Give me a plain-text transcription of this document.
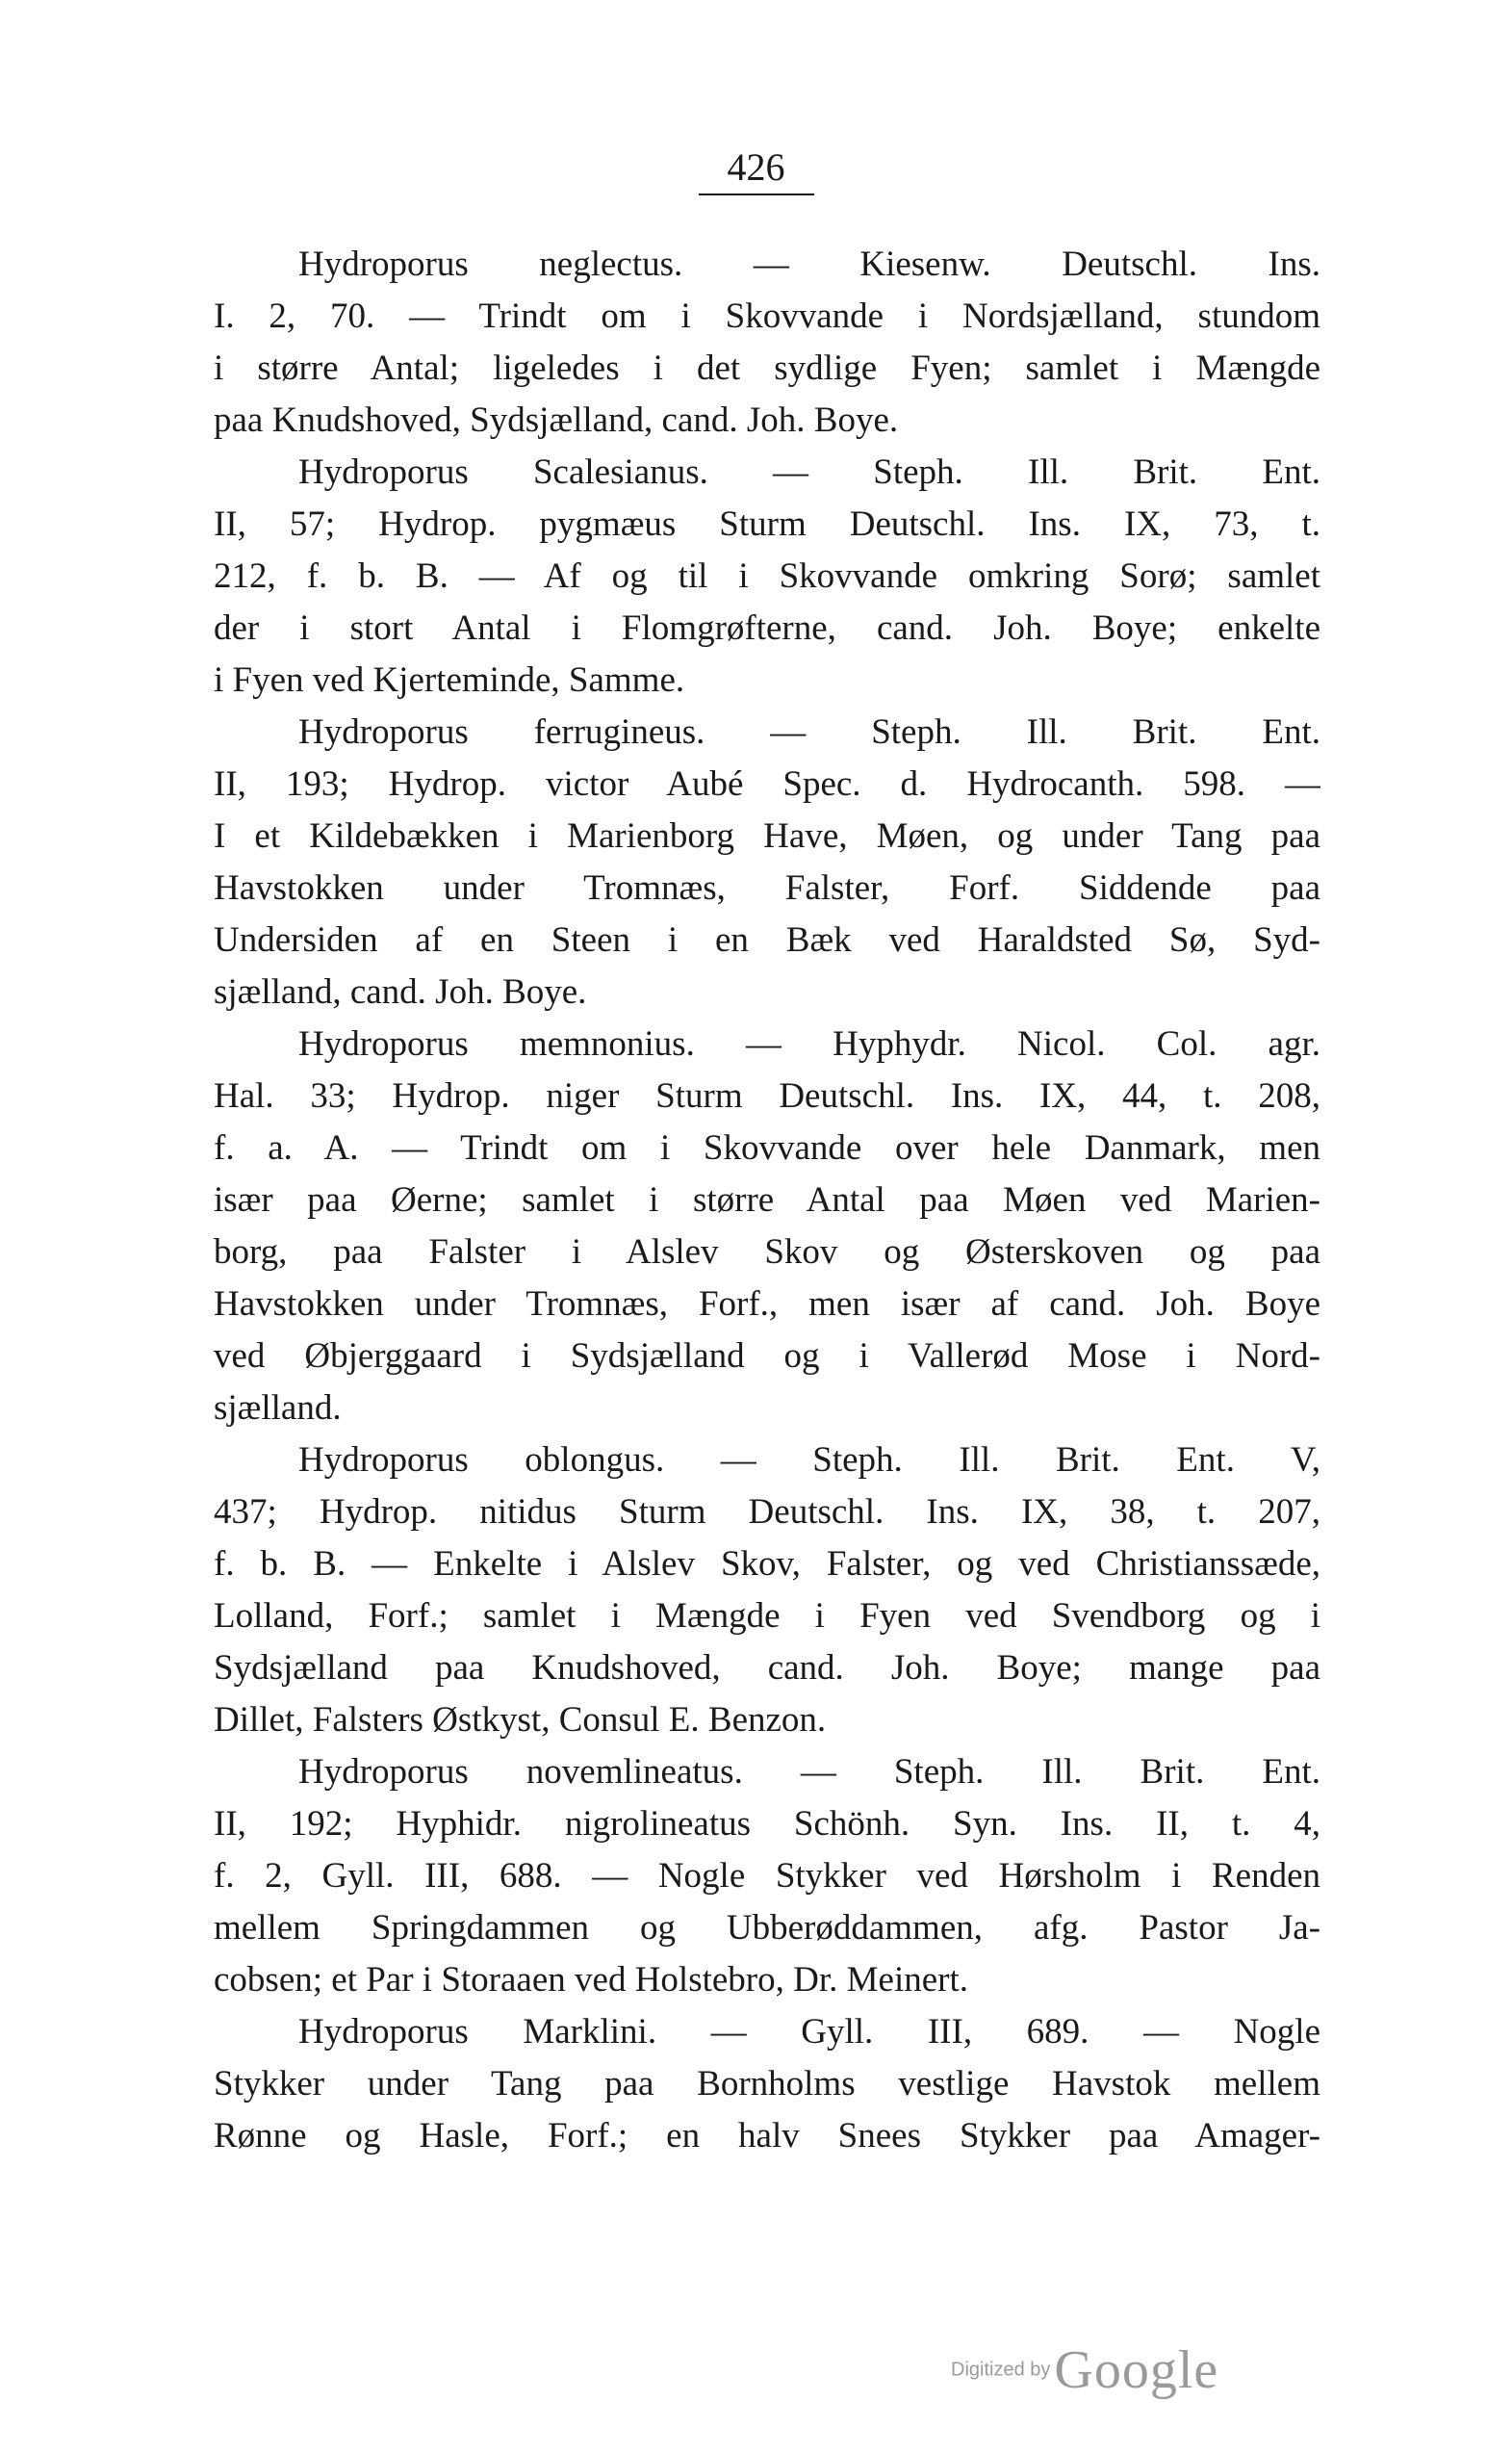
426
Hydroporus neglectus. — Kiesenw. Deutschl. Ins.
I. 2, 70. — Trindt om i Skovvande i Nordsjælland, stundom
i større Antal; ligeledes i det sydlige Fyen; samlet i Mængde
paa Knudshoved, Sydsjælland, cand. Joh. Boye.
Hydroporus Scalesianus. — Steph. Ill. Brit. Ent.
II, 57; Hydrop. pygmæus Sturm Deutschl. Ins. IX, 73, t.
212, f. b. B. — Af og til i Skovvande omkring Sorø; samlet
der i stort Antal i Flomgrøfterne, cand. Joh. Boye; enkelte
i Fyen ved Kjerteminde, Samme.
Hydroporus ferrugineus. — Steph. Ill. Brit. Ent.
II, 193; Hydrop. victor Aubé Spec. d. Hydrocanth. 598. —
I et Kildebækken i Marienborg Have, Møen, og under Tang paa
Havstokken under Tromnæs, Falster, Forf. Siddende paa
Undersiden af en Steen i en Bæk ved Haraldsted Sø, Syd-
sjælland, cand. Joh. Boye.
Hydroporus memnonius. — Hyphydr. Nicol. Col. agr.
Hal. 33; Hydrop. niger Sturm Deutschl. Ins. IX, 44, t. 208,
f. a. A. — Trindt om i Skovvande over hele Danmark, men
især paa Øerne; samlet i større Antal paa Møen ved Marien-
borg, paa Falster i Alslev Skov og Østerskoven og paa
Havstokken under Tromnæs, Forf., men især af cand. Joh. Boye
ved Øbjerggaard i Sydsjælland og i Vallerød Mose i Nord-
sjælland.
Hydroporus oblongus. — Steph. Ill. Brit. Ent. V,
437; Hydrop. nitidus Sturm Deutschl. Ins. IX, 38, t. 207,
f. b. B. — Enkelte i Alslev Skov, Falster, og ved Christianssæde,
Lolland, Forf.; samlet i Mængde i Fyen ved Svendborg og i
Sydsjælland paa Knudshoved, cand. Joh. Boye; mange paa
Dillet, Falsters Østkyst, Consul E. Benzon.
Hydroporus novemlineatus. — Steph. Ill. Brit. Ent.
II, 192; Hyphidr. nigrolineatus Schönh. Syn. Ins. II, t. 4,
f. 2, Gyll. III, 688. — Nogle Stykker ved Hørsholm i Renden
mellem Springdammen og Ubberøddammen, afg. Pastor Ja-
cobsen; et Par i Storaaen ved Holstebro, Dr. Meinert.
Hydroporus Marklini. — Gyll. III, 689. — Nogle
Stykker under Tang paa Bornholms vestlige Havstok mellem
Rønne og Hasle, Forf.; en halv Snees Stykker paa Amager-
Digitized by Google
